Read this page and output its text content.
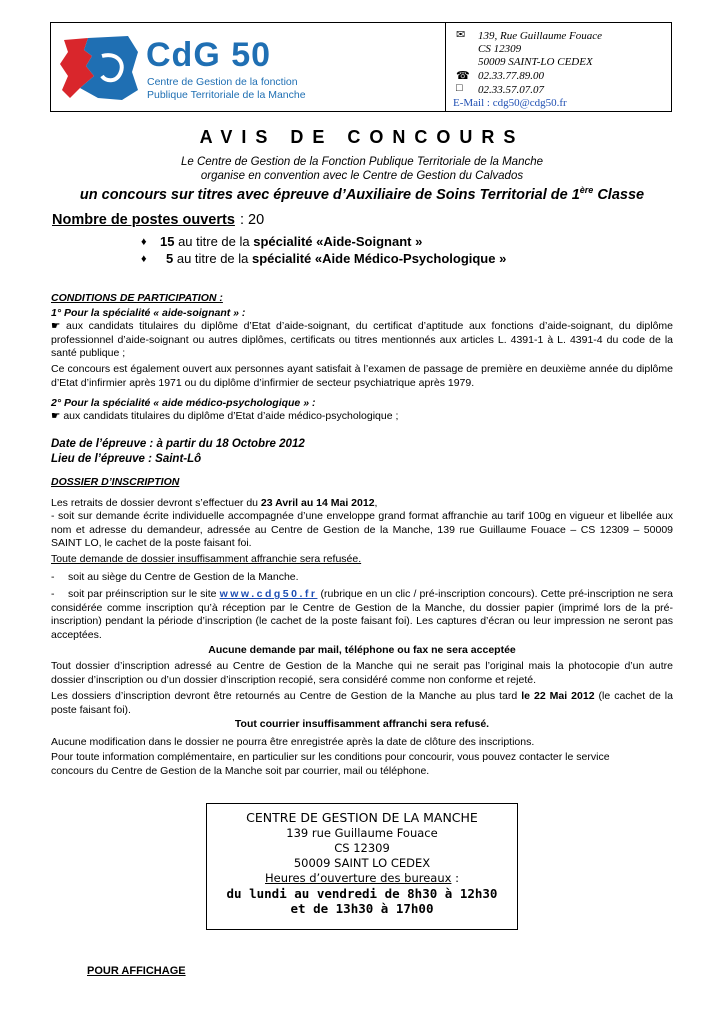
CdG 50
Centre de Gestion de la fonction
Publique Territoriale de la Manche
✉ 139, Rue Guillaume Fouace
CS 12309
50009 SAINT-LO CEDEX
☎ 02.33.77.89.00
□ 02.33.57.07.07
E-Mail : cdg50@cdg50.fr
AVIS DE CONCOURS
Le Centre de Gestion de la Fonction Publique Territoriale de la Manche
organise en convention avec le Centre de Gestion du Calvados
un concours sur titres avec épreuve d’Auxiliaire de Soins Territorial de 1ère Classe
Nombre de postes ouverts : 20
♦ 15 au titre de la spécialité «Aide-Soignant »
♦ 5 au titre de la spécialité «Aide Médico-Psychologique »
CONDITIONS DE PARTICIPATION :
1° Pour la spécialité « aide-soignant » :
☛ aux candidats titulaires du diplôme d’Etat d’aide-soignant, du certificat d’aptitude aux fonctions d’aide-soignant, du diplôme professionnel d’aide-soignant ou autres diplômes, certificats ou titres mentionnés aux articles L. 4391-1 à L. 4391-4 du code de la santé publique ;
Ce concours est également ouvert aux personnes ayant satisfait à l’examen de passage de première en deuxième année du diplôme d’Etat d’infirmier après 1971 ou du diplôme d’infirmier de secteur psychiatrique après 1979.
2° Pour la spécialité « aide médico-psychologique » :
☛ aux candidats titulaires du diplôme d’Etat d’aide médico-psychologique ;
Date de l’épreuve : à partir du 18 Octobre 2012
Lieu de l’épreuve : Saint-Lô
DOSSIER D’INSCRIPTION
Les retraits de dossier devront s’effectuer du 23 Avril au 14 Mai 2012,
- soit sur demande écrite individuelle accompagnée d’une enveloppe grand format affranchie au tarif 100g en vigueur et libellée aux nom et adresse du demandeur, adressée au Centre de Gestion de la Manche, 139 rue Guillaume Fouace – CS 12309 – 50009 SAINT LO, le cachet de la poste faisant foi.
Toute demande de dossier insuffisamment affranchie sera refusée.
- soit au siège du Centre de Gestion de la Manche.
-	soit par préinscription sur le site www.cdg50.fr (rubrique en un clic / pré-inscription concours). Cette pré-inscription ne sera considérée comme inscription qu’à réception par le Centre de Gestion de la Manche, du dossier papier (imprimé lors de la pré-inscription) pendant la période d’inscription (le cachet de la poste faisant foi). Les captures d’écran ou leur impression ne seront pas acceptées.
Aucune demande par mail, téléphone ou fax ne sera acceptée
Tout dossier d’inscription adressé au Centre de Gestion de la Manche qui ne serait pas l’original mais la photocopie d’un autre dossier d’inscription ou d’un dossier d’inscription recopié, sera considéré comme non conforme et rejeté.
Les dossiers d’inscription devront être retournés au Centre de Gestion de la Manche au plus tard le 22 Mai 2012 (le cachet de la poste faisant foi).
Tout courrier insuffisamment affranchi sera refusé.
Aucune modification dans le dossier ne pourra être enregistrée après la date de clôture des inscriptions.
Pour toute information complémentaire, en particulier sur les conditions pour concourir, vous pouvez contacter le service concours du Centre de Gestion de la Manche soit par courrier, mail ou téléphone.
CENTRE DE GESTION DE LA MANCHE
139 rue Guillaume Fouace
CS 12309
50009 SAINT LO CEDEX
Heures d’ouverture des bureaux :
du lundi au vendredi de 8h30 à 12h30
et de 13h30 à 17h00
POUR AFFICHAGE
